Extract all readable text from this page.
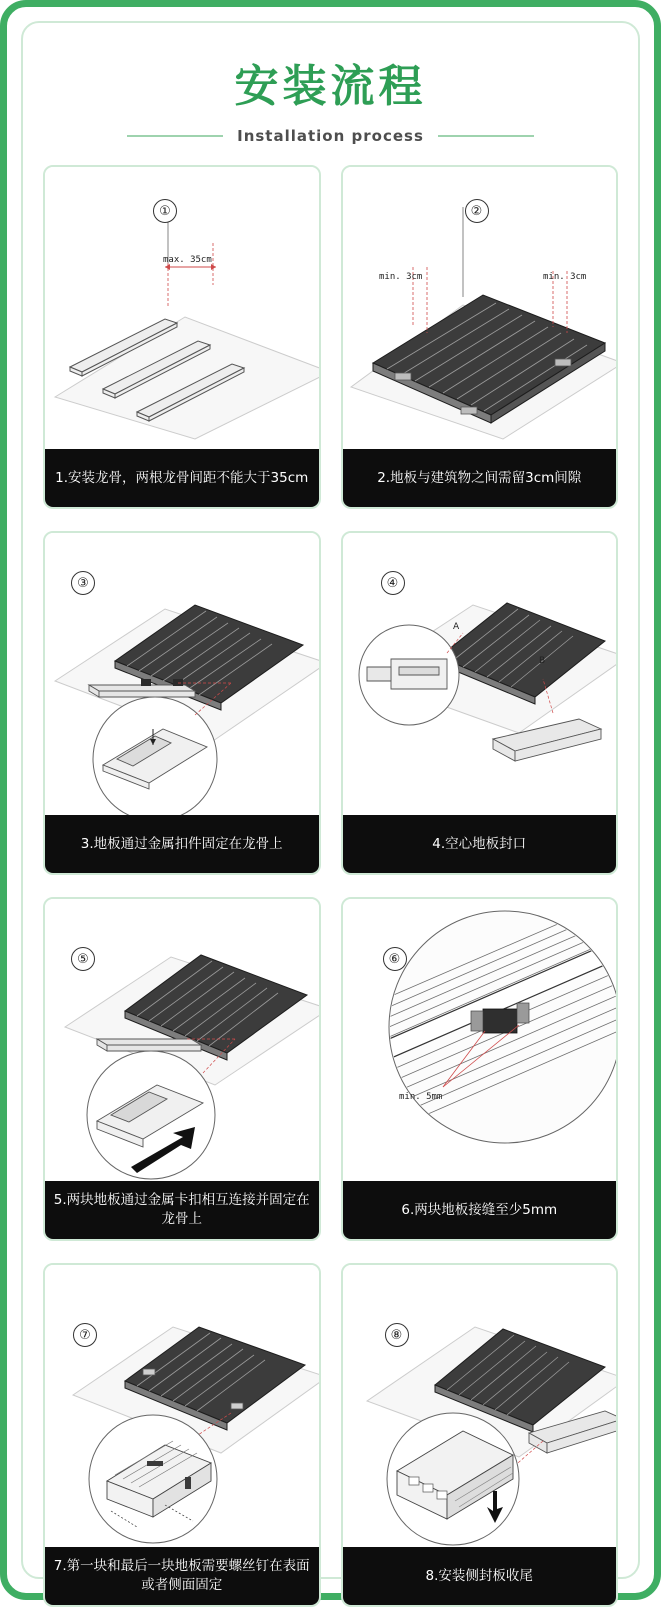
安装流程
Installation process
①
max. 35cm
1.安装龙骨，两根龙骨间距不能大于35cm
②
min. 3cm	min. 3cm
2.地板与建筑物之间需留3cm间隙
③
3.地板通过金属扣件固定在龙骨上
④
A
B
4.空心地板封口
⑤
5.两块地板通过金属卡扣相互连接并固定在龙骨上
⑥
min. 5mm
6.两块地板接缝至少5mm
⑦
7.第一块和最后一块地板需要螺丝钉在表面或者侧面固定
⑧
8.安装侧封板收尾
